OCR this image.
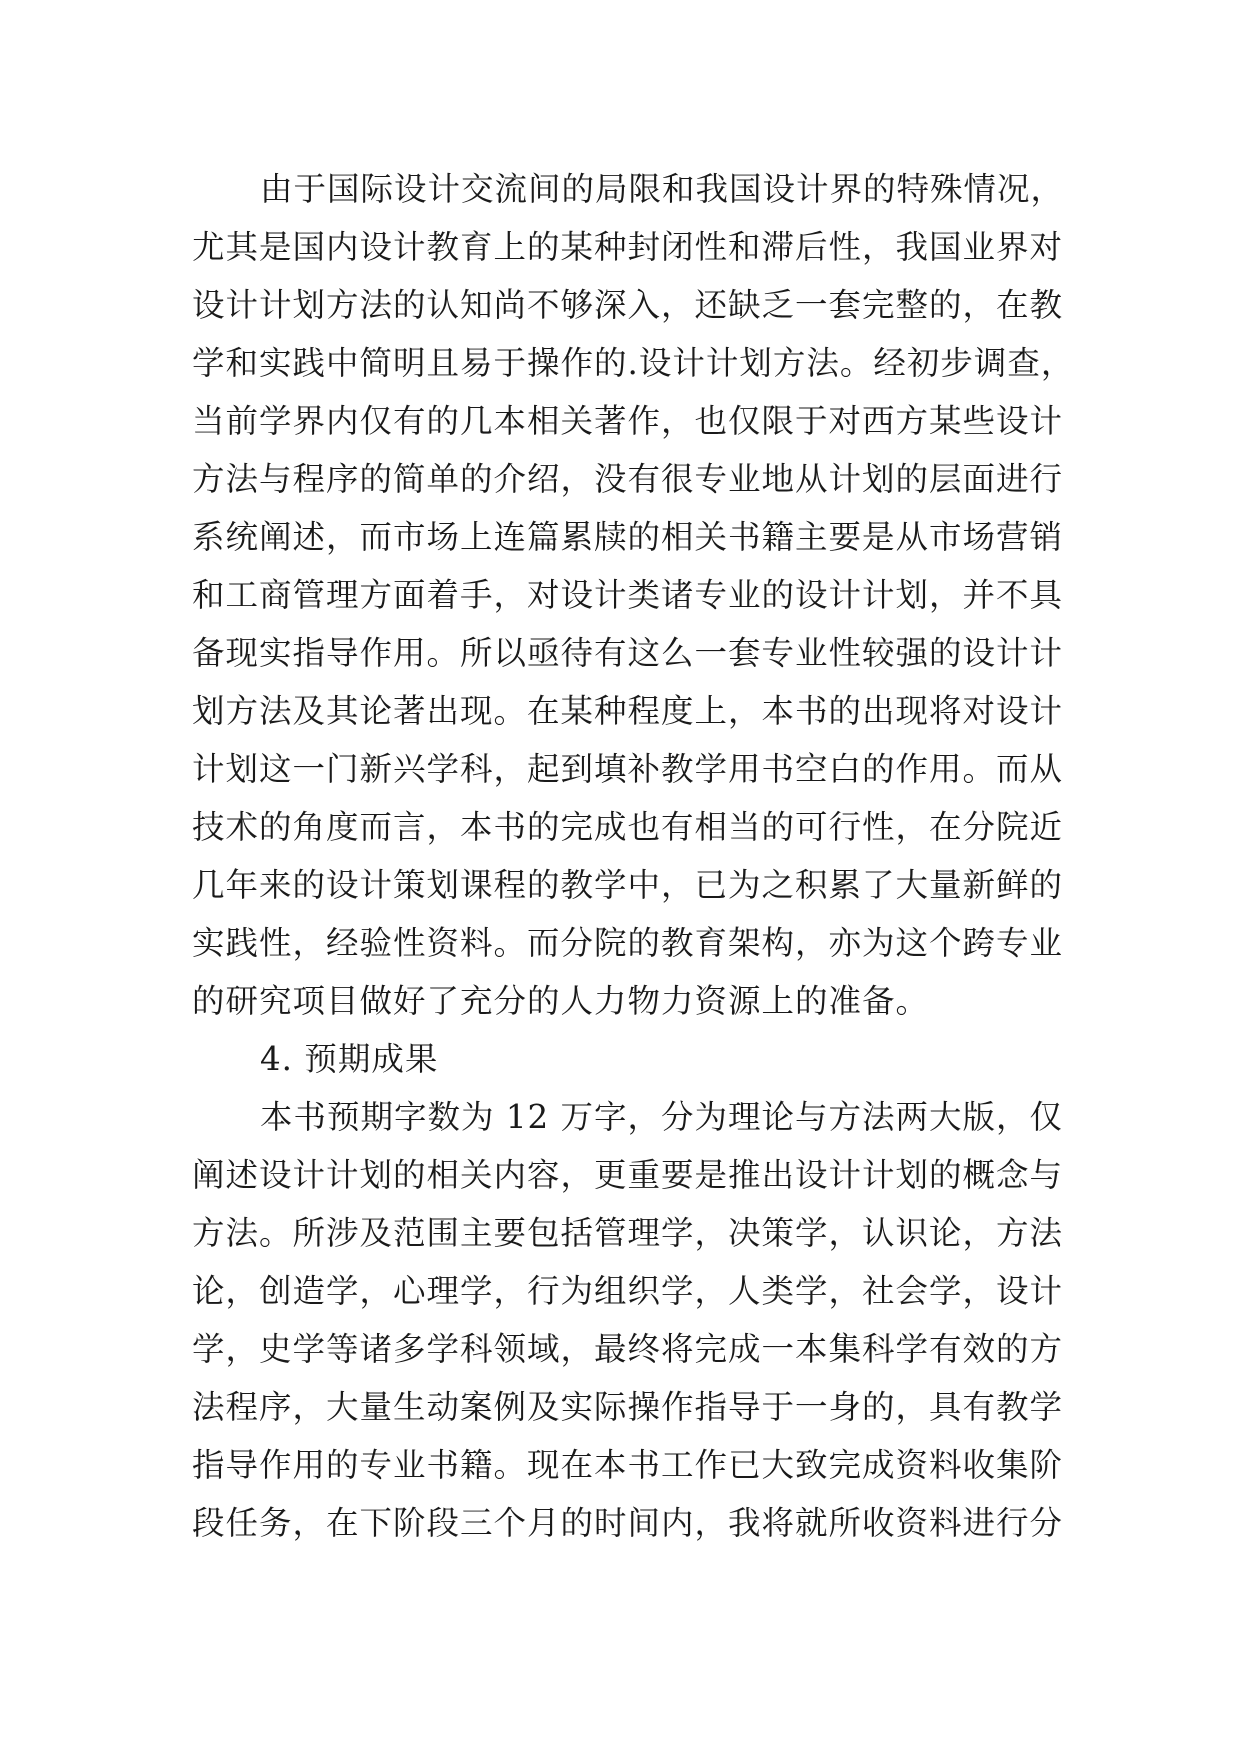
由于国际设计交流间的局限和我国设计界的特殊情况，
尤其是国内设计教育上的某种封闭性和滞后性，我国业界对
设计计划方法的认知尚不够深入，还缺乏一套完整的，在教
学和实践中简明且易于操作的.设计计划方法。经初步调查，
当前学界内仅有的几本相关著作，也仅限于对西方某些设计
方法与程序的简单的介绍，没有很专业地从计划的层面进行
系统阐述，而市场上连篇累牍的相关书籍主要是从市场营销
和工商管理方面着手，对设计类诸专业的设计计划，并不具
备现实指导作用。所以亟待有这么一套专业性较强的设计计
划方法及其论著出现。在某种程度上，本书的出现将对设计
计划这一门新兴学科，起到填补教学用书空白的作用。而从
技术的角度而言，本书的完成也有相当的可行性，在分院近
几年来的设计策划课程的教学中，已为之积累了大量新鲜的
实践性，经验性资料。而分院的教育架构，亦为这个跨专业
的研究项目做好了充分的人力物力资源上的准备。
4. 预期成果
本书预期字数为 12 万字，分为理论与方法两大版，仅
阐述设计计划的相关内容，更重要是推出设计计划的概念与
方法。所涉及范围主要包括管理学，决策学，认识论，方法
论，创造学，心理学，行为组织学，人类学，社会学，设计
学，史学等诸多学科领域，最终将完成一本集科学有效的方
法程序，大量生动案例及实际操作指导于一身的，具有教学
指导作用的专业书籍。现在本书工作已大致完成资料收集阶
段任务，在下阶段三个月的时间内，我将就所收资料进行分
